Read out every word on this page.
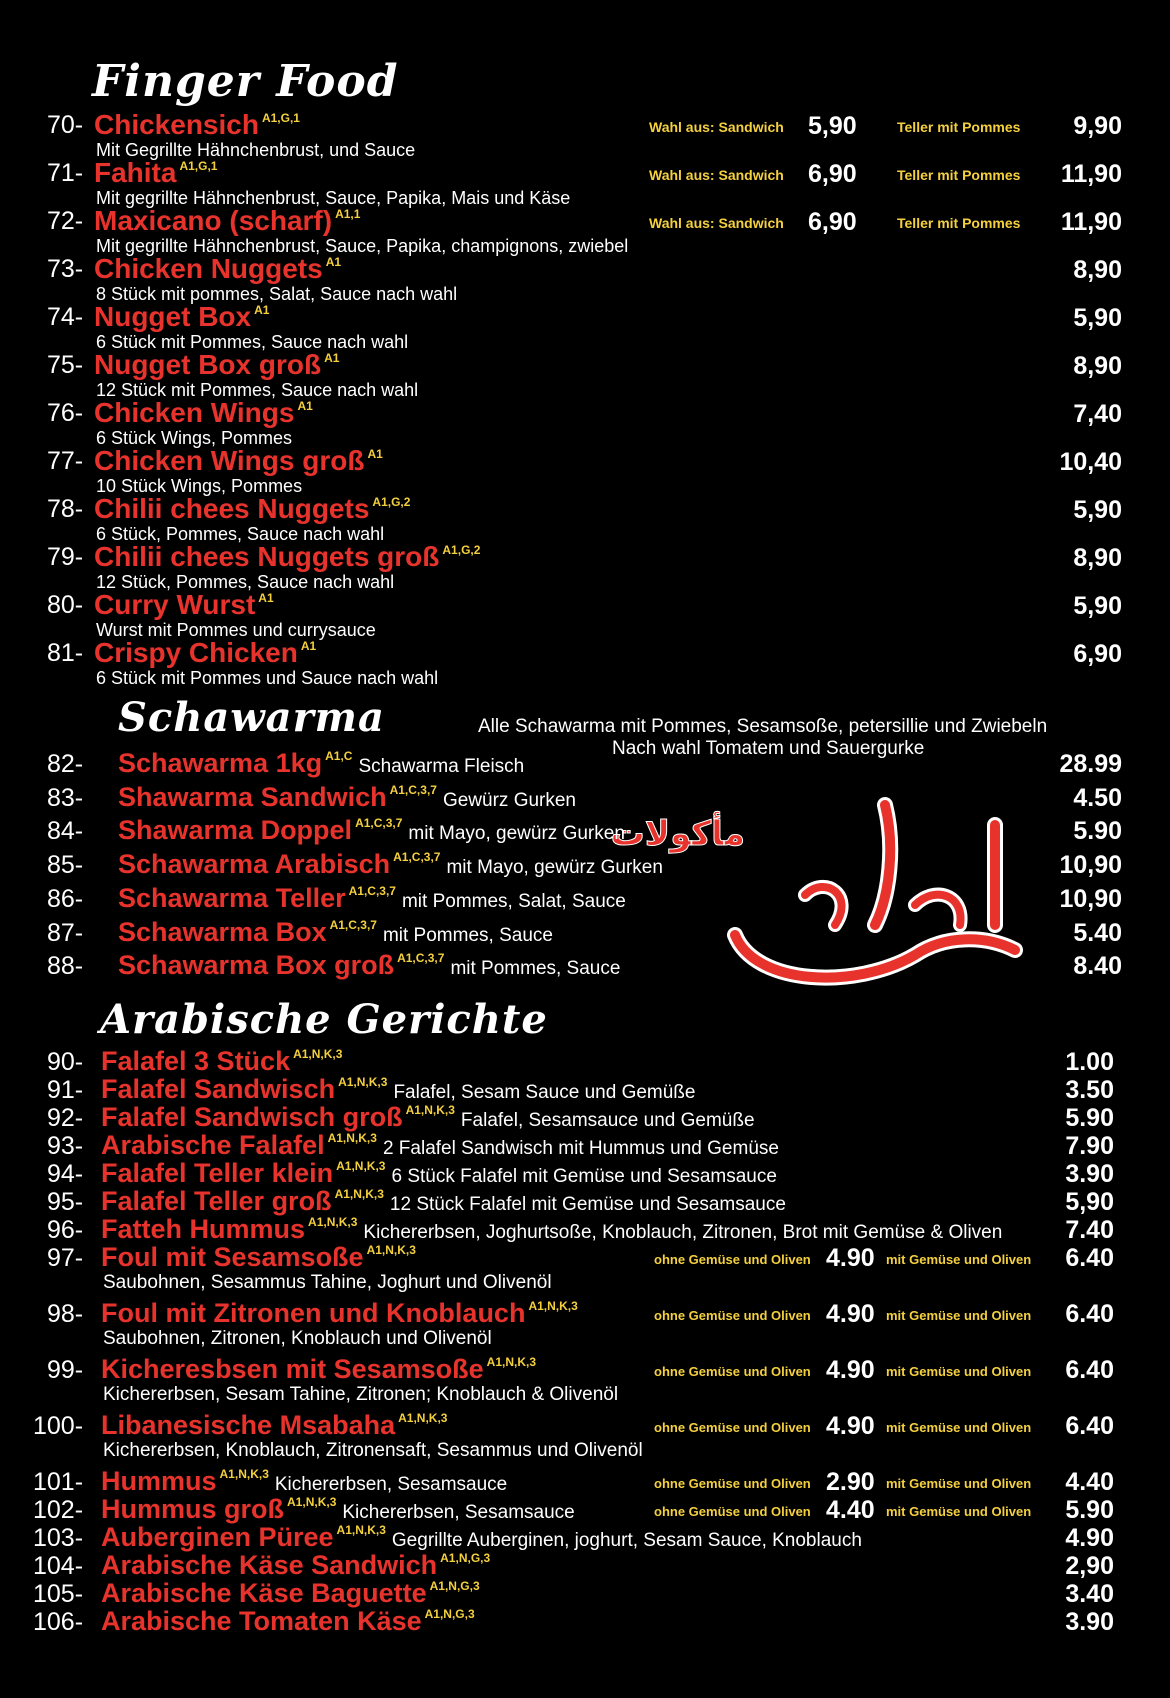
Finger Food
Schawarma	Alle Schawarma mit Pommes, Sesamsoße, petersillie und Zwiebeln
Nach wahl Tomatem und Sauergurke
Arabische Gerichte
مأكولات
70- Chickensich $^{A1,G,1}$
Mit Gegrillte Hähnchenbrust, und Sauce
Wahl aus: Sandwich 5,90	Teller mit Pommes 9,90
71- Fahita $^{A1,G,1}$
Mit gegrillte Hähnchenbrust, Sauce, Papika, Mais und Käse
Wahl aus: Sandwich 6,90	Teller mit Pommes 11,90
72- Maxicano (scharf) $^{A1,1}$
Mit gegrillte Hähnchenbrust, Sauce, Papika, champignons, zwiebel
Wahl aus: Sandwich 6,90	Teller mit Pommes 11,90
73- Chicken Nuggets $^{A1}$
8 Stück mit pommes, Salat, Sauce nach wahl
8,90
74- Nugget Box $^{A1}$
6 Stück mit Pommes, Sauce nach wahl
5,90
75- Nugget Box groß $^{A1}$
12 Stück mit Pommes, Sauce nach wahl
8,90
76- Chicken Wings $^{A1}$
6 Stück Wings, Pommes
7,40
77- Chicken Wings groß $^{A1}$
10 Stück Wings, Pommes
10,40
78- Chilii chees Nuggets $^{A1,G,2}$
6 Stück, Pommes, Sauce nach wahl
5,90
79- Chilii chees Nuggets groß $^{A1,G,2}$
12 Stück, Pommes, Sauce nach wahl
8,90
80- Curry Wurst $^{A1}$
Wurst mit Pommes und currysauce
5,90
81- Crispy Chicken $^{A1}$
6 Stück mit Pommes und Sauce nach wahl
6,90
82- Schawarma 1kg $^{A1,C}$ Schawarma Fleisch	28.99
83- Shawarma Sandwich $^{A1,C,3,7}$ Gewürz Gurken	4.50
84- Shawarma Doppel $^{A1,C,3,7}$ mit Mayo, gewürz Gurken	5.90
85- Schawarma Arabisch $^{A1,C,3,7}$ mit Mayo, gewürz Gurken	10,90
86- Schawarma Teller $^{A1,C,3,7}$ mit Pommes, Salat, Sauce	10,90
87- Schawarma Box $^{A1,C,3,7}$ mit Pommes, Sauce	5.40
88- Schawarma Box groß $^{A1,C,3,7}$ mit Pommes, Sauce	8.40
90- Falafel 3 Stück $^{A1,N,K,3}$	1.00
91- Falafel Sandwisch $^{A1,N,K,3}$ Falafel, Sesam Sauce und Gemüße	3.50
92- Falafel Sandwisch groß $^{A1,N,K,3}$ Falafel, Sesamsauce und Gemüße	5.90
93- Arabische Falafel $^{A1,N,K,3}$ 2 Falafel Sandwisch mit Hummus und Gemüse	7.90
94- Falafel Teller klein $^{A1,N,K,3}$ 6 Stück Falafel mit Gemüse und Sesamsauce	3.90
95- Falafel Teller groß $^{A1,N,K,3}$ 12 Stück Falafel mit Gemüse und Sesamsauce	5,90
96- Fatteh Hummus $^{A1,N,K,3}$ Kichererbsen, Joghurtsoße, Knoblauch, Zitronen, Brot mit Gemüse & Oliven	7.40
97- Foul mit Sesamsoße $^{A1,N,K,3}$
Saubohnen, Sesammus Tahine, Joghurt und Olivenöl
ohne Gemüse und Oliven 4.90 mit Gemüse und Oliven 6.40
98- Foul mit Zitronen und Knoblauch $^{A1,N,K,3}$
Saubohnen, Zitronen, Knoblauch und Olivenöl
ohne Gemüse und Oliven 4.90 mit Gemüse und Oliven 6.40
99- Kicheresbsen mit Sesamsoße $^{A1,N,K,3}$
Kichererbsen, Sesam Tahine, Zitronen; Knoblauch & Olivenöl
ohne Gemüse und Oliven 4.90 mit Gemüse und Oliven 6.40
100- Libanesische Msabaha $^{A1,N,K,3}$
Kichererbsen, Knoblauch, Zitronensaft, Sesammus und Olivenöl
ohne Gemüse und Oliven 4.90 mit Gemüse und Oliven 6.40
101- Hummus $^{A1,N,K,3}$ Kichererbsen, Sesamsauce	ohne Gemüse und Oliven 2.90 mit Gemüse und Oliven 4.40
102- Hummus groß $^{A1,N,K,3}$ Kichererbsen, Sesamsauce	ohne Gemüse und Oliven 4.40 mit Gemüse und Oliven 5.90
103- Auberginen Püree $^{A1,N,K,3}$ Gegrillte Auberginen, joghurt, Sesam Sauce, Knoblauch	4.90
104- Arabische Käse Sandwich $^{A1,N,G,3}$	2,90
105- Arabische Käse Baguette $^{A1,N,G,3}$	3.40
106- Arabische Tomaten Käse $^{A1,N,G,3}$	3.90
